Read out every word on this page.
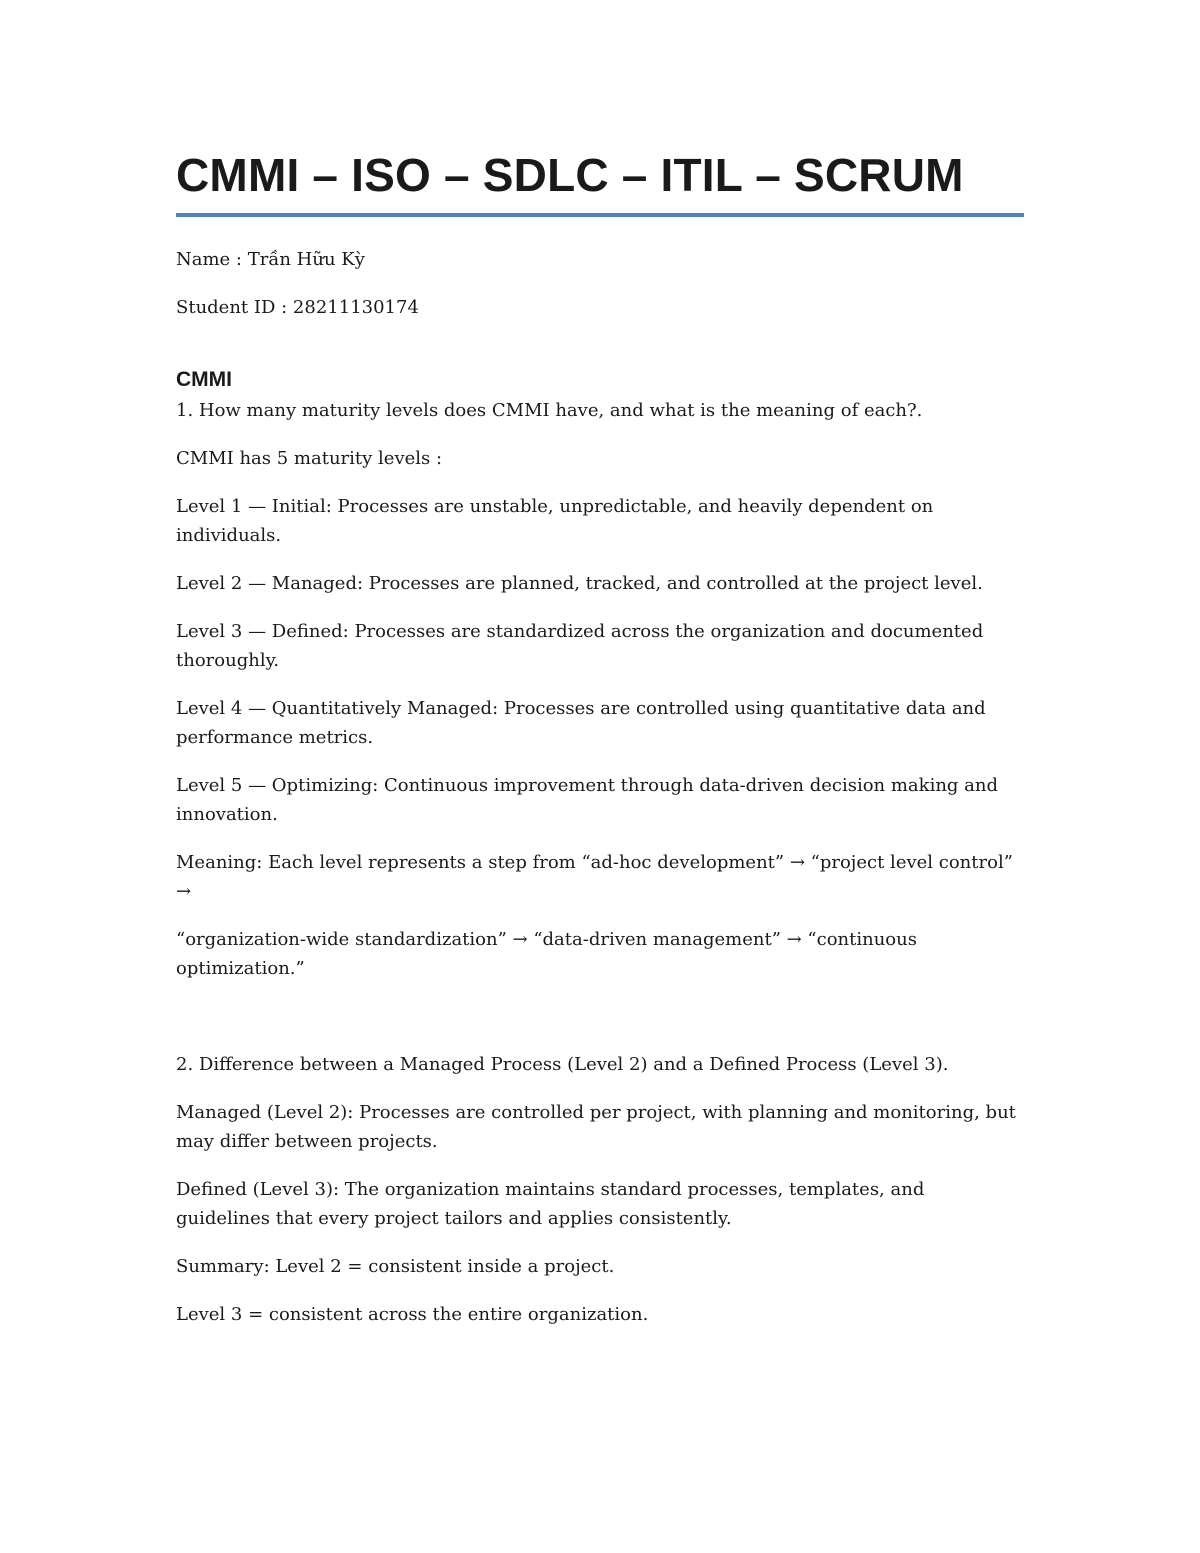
CMMI – ISO – SDLC – ITIL – SCRUM

Name : Trần Hữu Kỳ

Student ID : 28211130174

CMMI

1. How many maturity levels does CMMI have, and what is the meaning of each?.

CMMI has 5 maturity levels :

Level 1 — Initial: Processes are unstable, unpredictable, and heavily dependent on individuals.

Level 2 — Managed: Processes are planned, tracked, and controlled at the project level.

Level 3 — Defined: Processes are standardized across the organization and documented thoroughly.

Level 4 — Quantitatively Managed: Processes are controlled using quantitative data and performance metrics.

Level 5 — Optimizing: Continuous improvement through data-driven decision making and innovation.

Meaning: Each level represents a step from “ad-hoc development” → “project level control” →

“organization-wide standardization” → “data-driven management” → “continuous optimization.”

2. Difference between a Managed Process (Level 2) and a Defined Process (Level 3).

Managed (Level 2): Processes are controlled per project, with planning and monitoring, but may differ between projects.

Defined (Level 3): The organization maintains standard processes, templates, and guidelines that every project tailors and applies consistently.

Summary: Level 2 = consistent inside a project.

Level 3 = consistent across the entire organization.
